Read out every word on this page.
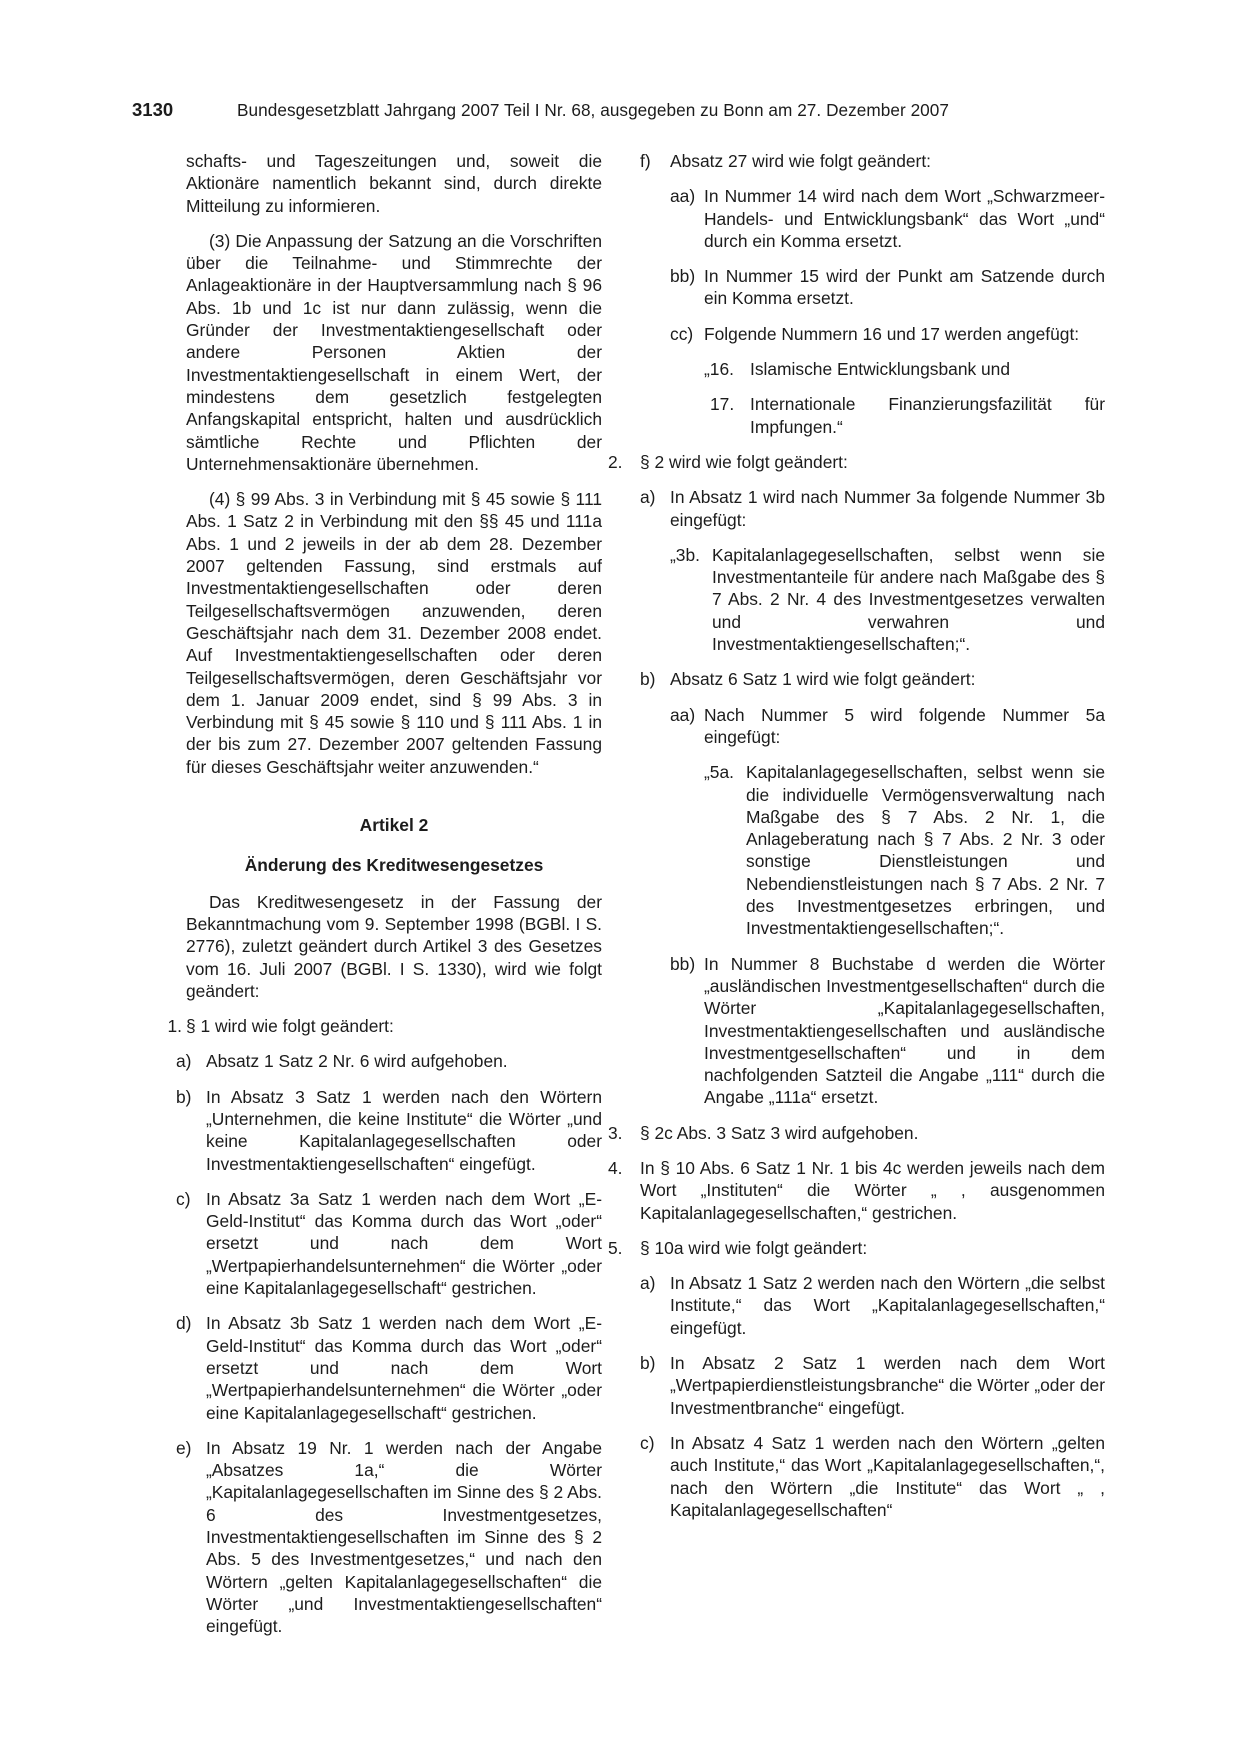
3130	Bundesgesetzblatt Jahrgang 2007 Teil I Nr. 68, ausgegeben zu Bonn am 27. Dezember 2007

schafts- und Tageszeitungen und, soweit die Aktionäre namentlich bekannt sind, durch direkte Mitteilung zu informieren.

(3) Die Anpassung der Satzung an die Vorschriften über die Teilnahme- und Stimmrechte der Anlageaktionäre in der Hauptversammlung nach § 96 Abs. 1b und 1c ist nur dann zulässig, wenn die Gründer der Investmentaktiengesellschaft oder andere Personen Aktien der Investmentaktiengesellschaft in einem Wert, der mindestens dem gesetzlich festgelegten Anfangskapital entspricht, halten und ausdrücklich sämtliche Rechte und Pflichten der Unternehmensaktionäre übernehmen.

(4) § 99 Abs. 3 in Verbindung mit § 45 sowie § 111 Abs. 1 Satz 2 in Verbindung mit den §§ 45 und 111a Abs. 1 und 2 jeweils in der ab dem 28. Dezember 2007 geltenden Fassung, sind erstmals auf Investmentaktiengesellschaften oder deren Teilgesellschaftsvermögen anzuwenden, deren Geschäftsjahr nach dem 31. Dezember 2008 endet. Auf Investmentaktiengesellschaften oder deren Teilgesellschaftsvermögen, deren Geschäftsjahr vor dem 1. Januar 2009 endet, sind § 99 Abs. 3 in Verbindung mit § 45 sowie § 110 und § 111 Abs. 1 in der bis zum 27. Dezember 2007 geltenden Fassung für dieses Geschäftsjahr weiter anzuwenden.“

Artikel 2

Änderung des Kreditwesengesetzes

Das Kreditwesengesetz in der Fassung der Bekanntmachung vom 9. September 1998 (BGBl. I S. 2776), zuletzt geändert durch Artikel 3 des Gesetzes vom 16. Juli 2007 (BGBl. I S. 1330), wird wie folgt geändert:

1. § 1 wird wie folgt geändert:
a) Absatz 1 Satz 2 Nr. 6 wird aufgehoben.
b) In Absatz 3 Satz 1 werden nach den Wörtern „Unternehmen, die keine Institute“ die Wörter „und keine Kapitalanlagegesellschaften oder Investmentaktiengesellschaften“ eingefügt.
c) In Absatz 3a Satz 1 werden nach dem Wort „E-Geld-Institut“ das Komma durch das Wort „oder“ ersetzt und nach dem Wort „Wertpapierhandelsunternehmen“ die Wörter „oder eine Kapitalanlagegesellschaft“ gestrichen.
d) In Absatz 3b Satz 1 werden nach dem Wort „E-Geld-Institut“ das Komma durch das Wort „oder“ ersetzt und nach dem Wort „Wertpapierhandelsunternehmen“ die Wörter „oder eine Kapitalanlagegesellschaft“ gestrichen.
e) In Absatz 19 Nr. 1 werden nach der Angabe „Absatzes 1a,“ die Wörter „Kapitalanlagegesellschaften im Sinne des § 2 Abs. 6 des Investmentgesetzes, Investmentaktiengesellschaften im Sinne des § 2 Abs. 5 des Investmentgesetzes,“ und nach den Wörtern „gelten Kapitalanlagegesellschaften“ die Wörter „und Investmentaktiengesellschaften“ eingefügt.
f) Absatz 27 wird wie folgt geändert:
aa) In Nummer 14 wird nach dem Wort „Schwarzmeer-Handels- und Entwicklungsbank“ das Wort „und“ durch ein Komma ersetzt.
bb) In Nummer 15 wird der Punkt am Satzende durch ein Komma ersetzt.
cc) Folgende Nummern 16 und 17 werden angefügt:
„16. Islamische Entwicklungsbank und
17. Internationale Finanzierungsfazilität für Impfungen.“
2. § 2 wird wie folgt geändert:
a) In Absatz 1 wird nach Nummer 3a folgende Nummer 3b eingefügt:
„3b. Kapitalanlagegesellschaften, selbst wenn sie Investmentanteile für andere nach Maßgabe des § 7 Abs. 2 Nr. 4 des Investmentgesetzes verwalten und verwahren und Investmentaktiengesellschaften;“.
b) Absatz 6 Satz 1 wird wie folgt geändert:
aa) Nach Nummer 5 wird folgende Nummer 5a eingefügt:
„5a. Kapitalanlagegesellschaften, selbst wenn sie die individuelle Vermögensverwaltung nach Maßgabe des § 7 Abs. 2 Nr. 1, die Anlageberatung nach § 7 Abs. 2 Nr. 3 oder sonstige Dienstleistungen und Nebendienstleistungen nach § 7 Abs. 2 Nr. 7 des Investmentgesetzes erbringen, und Investmentaktiengesellschaften;“.
bb) In Nummer 8 Buchstabe d werden die Wörter „ausländischen Investmentgesellschaften“ durch die Wörter „Kapitalanlagegesellschaften, Investmentaktiengesellschaften und ausländische Investmentgesellschaften“ und in dem nachfolgenden Satzteil die Angabe „111“ durch die Angabe „111a“ ersetzt.
3. § 2c Abs. 3 Satz 3 wird aufgehoben.
4. In § 10 Abs. 6 Satz 1 Nr. 1 bis 4c werden jeweils nach dem Wort „Instituten“ die Wörter „ , ausgenommen Kapitalanlagegesellschaften,“ gestrichen.
5. § 10a wird wie folgt geändert:
a) In Absatz 1 Satz 2 werden nach den Wörtern „die selbst Institute,“ das Wort „Kapitalanlagegesellschaften,“ eingefügt.
b) In Absatz 2 Satz 1 werden nach dem Wort „Wertpapierdienstleistungsbranche“ die Wörter „oder der Investmentbranche“ eingefügt.
c) In Absatz 4 Satz 1 werden nach den Wörtern „gelten auch Institute,“ das Wort „Kapitalanlagegesellschaften,“, nach den Wörtern „die Institute“ das Wort „ , Kapitalanlagegesellschaften“
